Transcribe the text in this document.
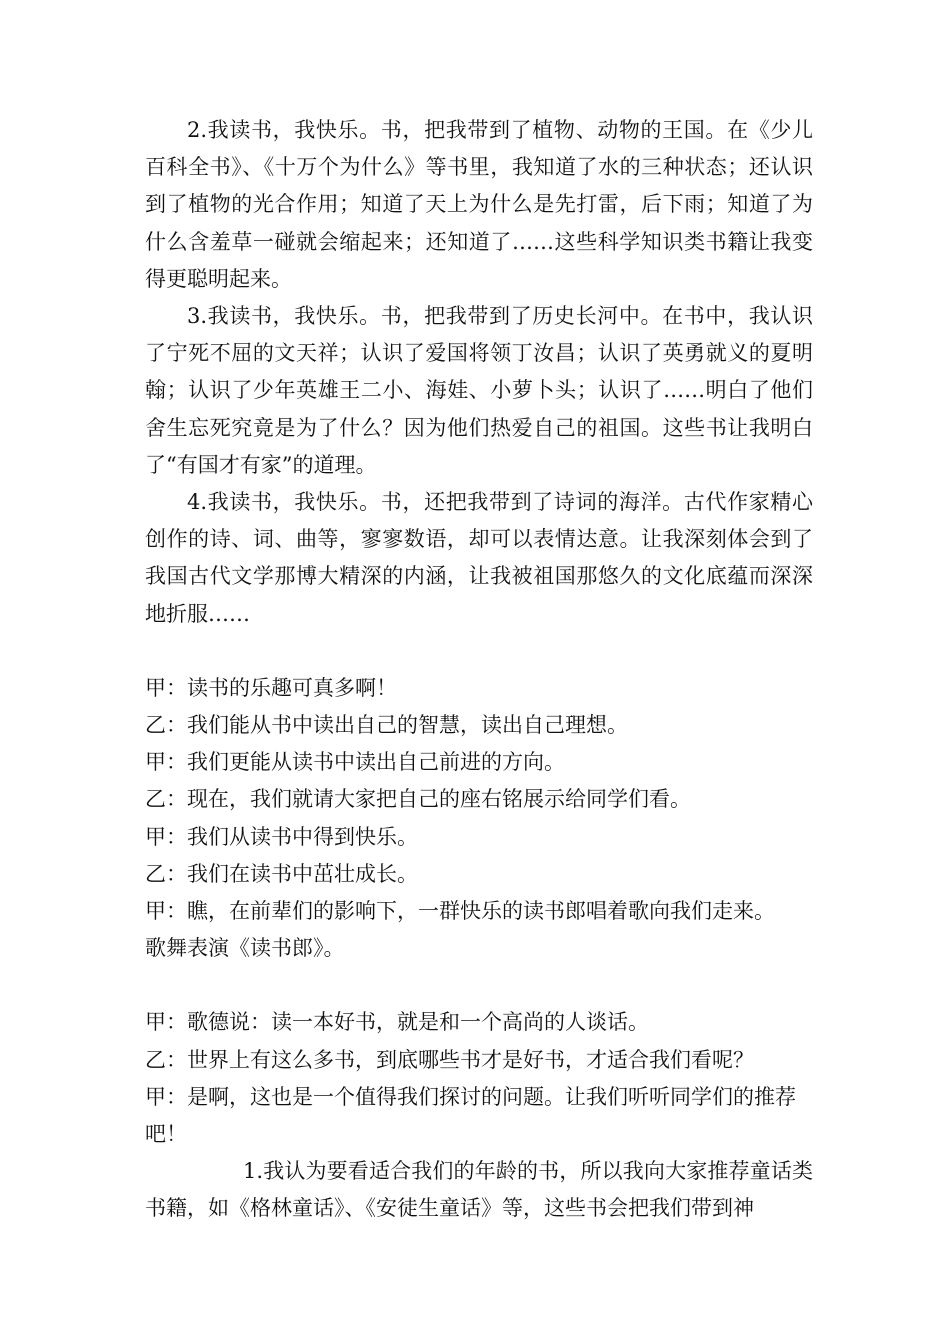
2.我读书，我快乐。书，把我带到了植物、动物的王国。在《少儿百科全书》、《十万个为什么》等书里，我知道了水的三种状态；还认识到了植物的光合作用；知道了天上为什么是先打雷，后下雨；知道了为什么含羞草一碰就会缩起来；还知道了……这些科学知识类书籍让我变得更聪明起来。

3.我读书，我快乐。书，把我带到了历史长河中。在书中，我认识了宁死不屈的文天祥；认识了爱国将领丁汝昌；认识了英勇就义的夏明翰；认识了少年英雄王二小、海娃、小萝卜头；认识了……明白了他们舍生忘死究竟是为了什么？因为他们热爱自己的祖国。这些书让我明白了“有国才有家”的道理。

4.我读书，我快乐。书，还把我带到了诗词的海洋。古代作家精心创作的诗、词、曲等，寥寥数语，却可以表情达意。让我深刻体会到了我国古代文学那博大精深的内涵，让我被祖国那悠久的文化底蕴而深深地折服……

甲：读书的乐趣可真多啊！

乙：我们能从书中读出自己的智慧，读出自己理想。

甲：我们更能从读书中读出自己前进的方向。

乙：现在，我们就请大家把自己的座右铭展示给同学们看。

甲：我们从读书中得到快乐。

乙：我们在读书中茁壮成长。

甲：瞧，在前辈们的影响下，一群快乐的读书郎唱着歌向我们走来。

歌舞表演《读书郎》。

甲：歌德说：读一本好书，就是和一个高尚的人谈话。

乙：世界上有这么多书，到底哪些书才是好书，才适合我们看呢？

甲：是啊，这也是一个值得我们探讨的问题。让我们听听同学们的推荐吧！

1.我认为要看适合我们的年龄的书，所以我向大家推荐童话类书籍，如《格林童话》、《安徒生童话》等，这些书会把我们带到神
